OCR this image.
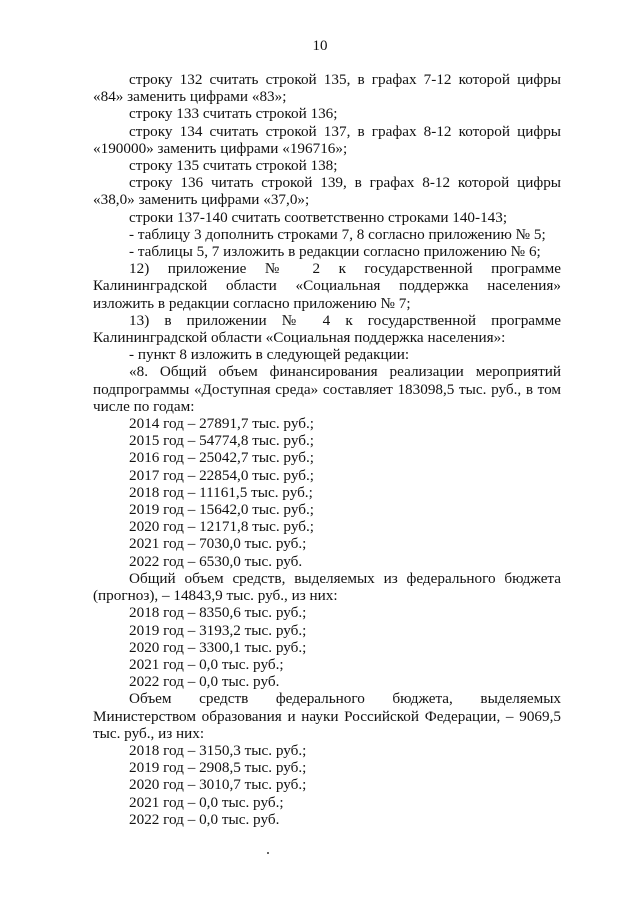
10

строку 132 считать строкой 135, в графах 7-12 которой цифры «84» заменить цифрами «83»;

строку 133 считать строкой 136;

строку 134 считать строкой 137, в графах 8-12 которой цифры «190000» заменить цифрами «196716»;

строку 135 считать строкой 138;

строку 136 читать строкой 139, в графах 8-12 которой цифры «38,0» заменить цифрами «37,0»;

строки 137-140 считать соответственно строками 140-143;

- таблицу 3 дополнить строками 7, 8 согласно приложению № 5;

- таблицы 5, 7 изложить в редакции согласно приложению № 6;

12) приложение № 2 к государственной программе Калининградской области «Социальная поддержка населения» изложить в редакции согласно приложению № 7;

13) в приложении № 4 к государственной программе Калининградской области «Социальная поддержка населения»:

- пункт 8 изложить в следующей редакции:

«8. Общий объем финансирования реализации мероприятий подпрограммы «Доступная среда» составляет 183098,5 тыс. руб., в том числе по годам:

2014 год – 27891,7 тыс. руб.;

2015 год – 54774,8 тыс. руб.;

2016 год – 25042,7 тыс. руб.;

2017 год – 22854,0 тыс. руб.;

2018 год – 11161,5 тыс. руб.;

2019 год – 15642,0 тыс. руб.;

2020 год – 12171,8 тыс. руб.;

2021 год – 7030,0 тыс. руб.;

2022 год – 6530,0 тыс. руб.

Общий объем средств, выделяемых из федерального бюджета (прогноз), – 14843,9 тыс. руб., из них:

2018 год – 8350,6 тыс. руб.;

2019 год – 3193,2 тыс. руб.;

2020 год – 3300,1 тыс. руб.;

2021 год – 0,0 тыс. руб.;

2022 год – 0,0 тыс. руб.

Объем средств федерального бюджета, выделяемых Министерством образования и науки Российской Федерации, – 9069,5 тыс. руб., из них:

2018 год – 3150,3 тыс. руб.;

2019 год – 2908,5 тыс. руб.;

2020 год – 3010,7 тыс. руб.;

2021 год – 0,0 тыс. руб.;

2022 год – 0,0 тыс. руб.
